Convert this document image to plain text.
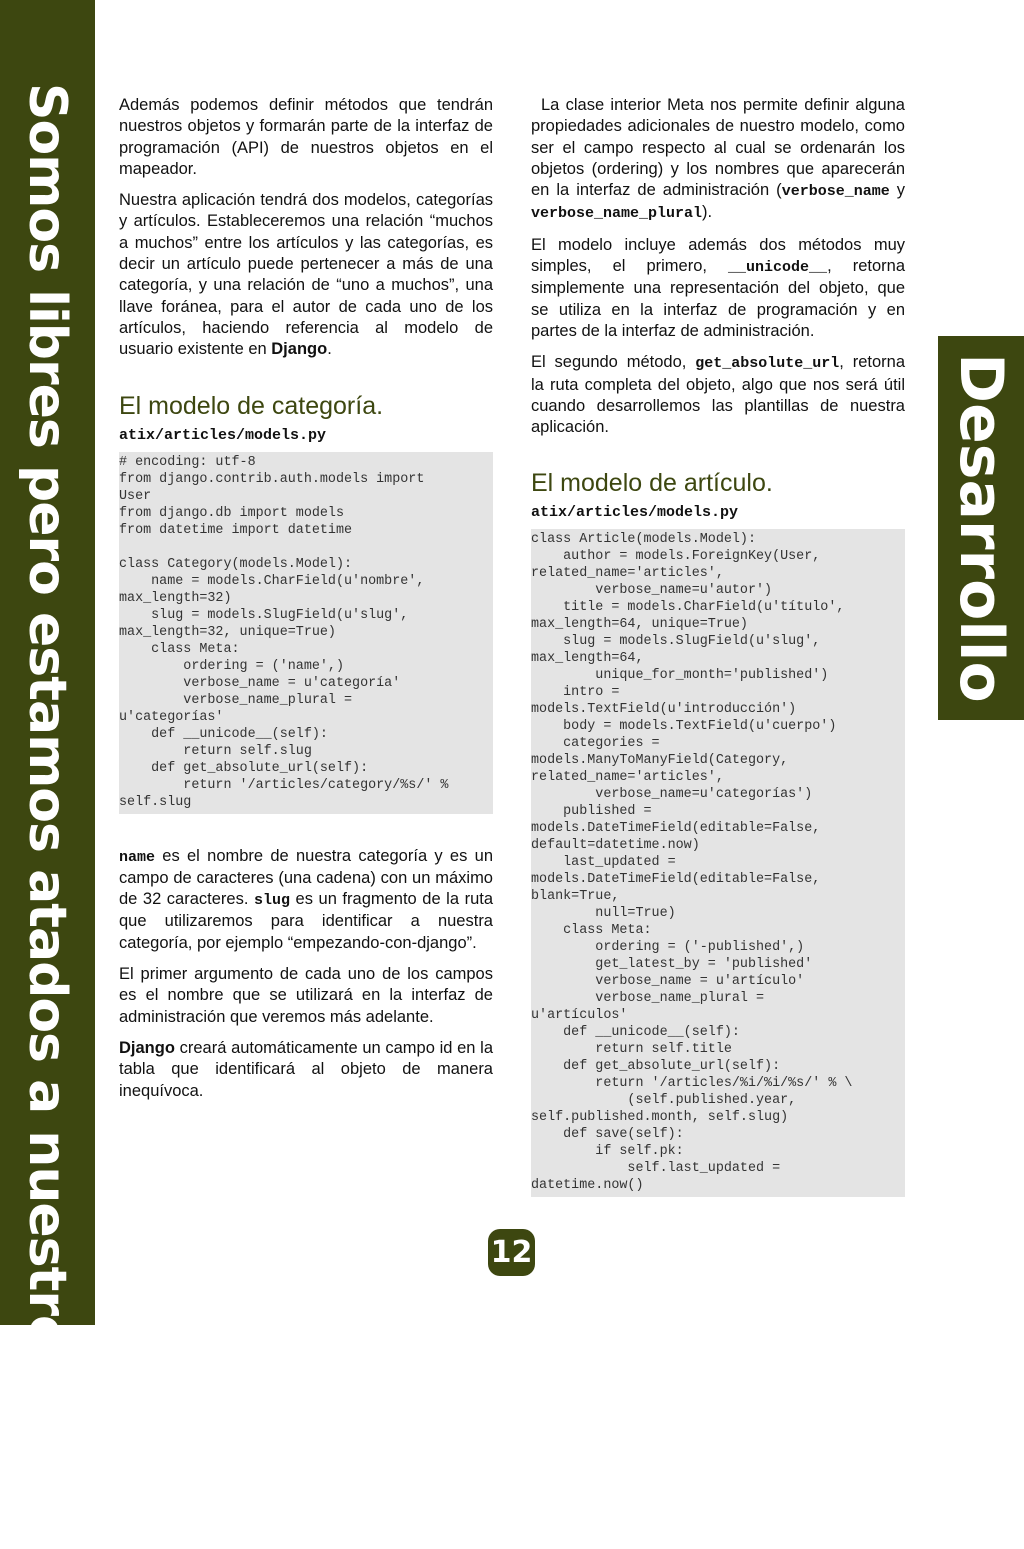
Somos libres pero estamos atados a nuestros actos	Desarrollo

Además podemos definir métodos que tendrán nuestros objetos y formarán parte de la interfaz de programación (API) de nuestros objetos en el mapeador.

Nuestra aplicación tendrá dos modelos, categorías y artículos. Estableceremos una relación “muchos a muchos” entre los artículos y las categorías, es decir un artículo puede pertenecer a más de una categoría, y una relación de “uno a muchos”, una llave foránea, para el autor de cada uno de los artículos, haciendo referencia al modelo de usuario existente en Django.

El modelo de categoría.
atix/articles/models.py
# encoding: utf-8
from django.contrib.auth.models import
User
from django.db import models
from datetime import datetime

class Category(models.Model):
name = models.CharField(u'nombre',
max_length=32)
slug = models.SlugField(u'slug',
max_length=32, unique=True)
class Meta:
ordering = ('name',)
verbose_name = u'categoría'
verbose_name_plural =
u'categorías'
def __unicode__(self):
return self.slug
def get_absolute_url(self):
return '/articles/category/%s/' %
self.slug

name es el nombre de nuestra categoría y es un campo de caracteres (una cadena) con un máximo de 32 caracteres. slug es un fragmento de la ruta que utilizaremos para identificar a nuestra categoría, por ejemplo “empezando-con-django”.

El primer argumento de cada uno de los campos es el nombre que se utilizará en la interfaz de administración que veremos más adelante.

Django creará automáticamente un campo id en la tabla que identificará al objeto de manera inequívoca.

La clase interior Meta nos permite definir alguna propiedades adicionales de nuestro modelo, como ser el campo respecto al cual se ordenarán los objetos (ordering) y los nombres que aparecerán en la interfaz de administración (verbose_name y verbose_name_plural).

El modelo incluye además dos métodos muy simples, el primero, __unicode__, retorna simplemente una representación del objeto, que se utiliza en la interfaz de programación y en partes de la interfaz de administración.

El segundo método, get_absolute_url, retorna la ruta completa del objeto, algo que nos será útil cuando desarrollemos las plantillas de nuestra aplicación.

El modelo de artículo.
atix/articles/models.py
class Article(models.Model):
author = models.ForeignKey(User,
related_name='articles',
verbose_name=u'autor')
title = models.CharField(u'título',
max_length=64, unique=True)
slug = models.SlugField(u'slug',
max_length=64,
unique_for_month='published')
intro =
models.TextField(u'introducción')
body = models.TextField(u'cuerpo')
categories =
models.ManyToManyField(Category,
related_name='articles',
verbose_name=u'categorías')
published =
models.DateTimeField(editable=False,
default=datetime.now)
last_updated =
models.DateTimeField(editable=False,
blank=True,
null=True)
class Meta:
ordering = ('-published',)
get_latest_by = 'published'
verbose_name = u'artículo'
verbose_name_plural =
u'artículos'
def __unicode__(self):
return self.title
def get_absolute_url(self):
return '/articles/%i/%i/%s/' % \
(self.published.year,
self.published.month, self.slug)
def save(self):
if self.pk:
self.last_updated =
datetime.now()
12
